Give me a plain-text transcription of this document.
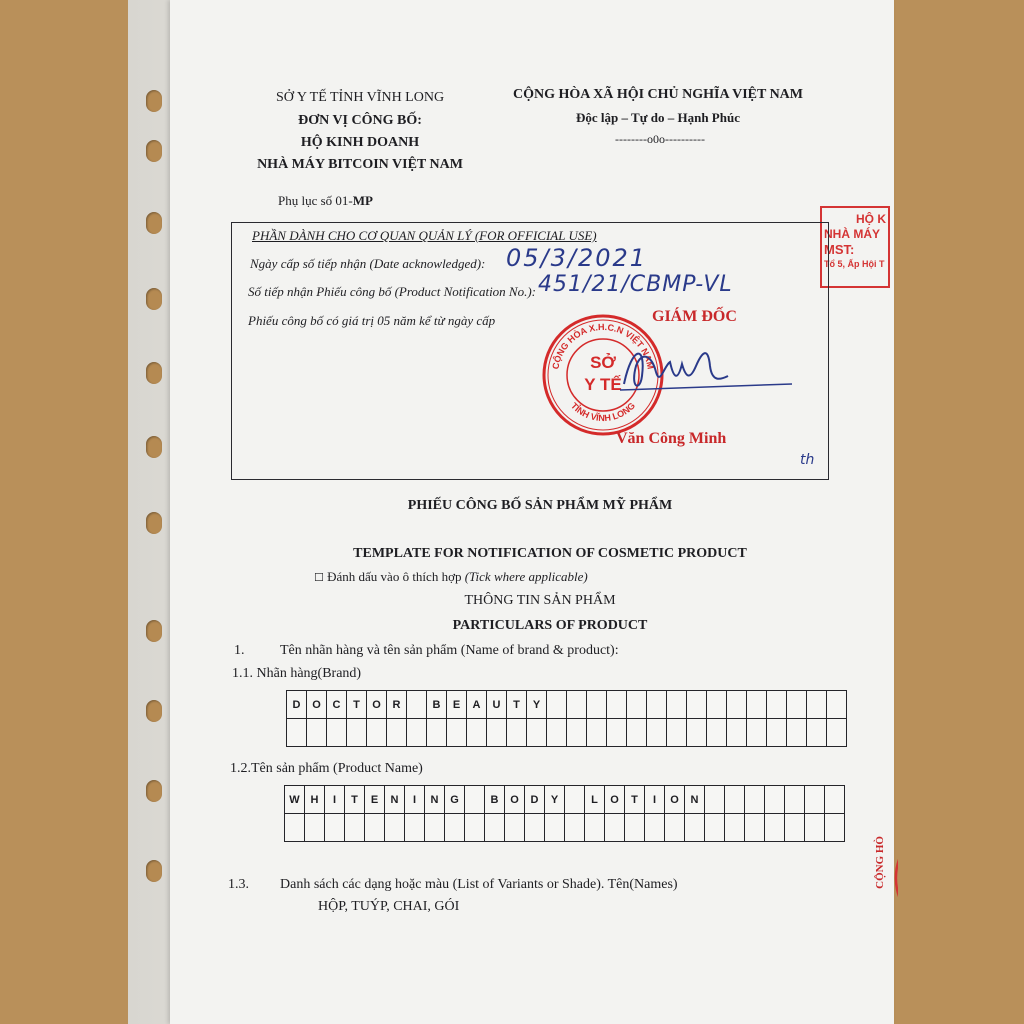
HỘ K
NHÀ MÁY
MST:
Tổ 5, Ấp Hội T
CỘNG HÒ
SỞ Y TẾ TỈNH VĨNH LONG
ĐƠN VỊ CÔNG BỐ:
HỘ KINH DOANH
NHÀ MÁY BITCOIN VIỆT NAM
CỘNG HÒA XÃ HỘI CHỦ NGHĨA VIỆT NAM
Độc lập – Tự do – Hạnh Phúc
--------o0o----------
Phụ lục số 01-MP
PHẦN DÀNH CHO CƠ QUAN QUẢN LÝ (FOR OFFICIAL USE)
Ngày cấp số tiếp nhận (Date acknowledged): 05/3/2021
Số tiếp nhận Phiếu công bố (Product Notification No.): 451/21/CBMP-VL
Phiếu công bố có giá trị 05 năm kể từ ngày cấp	GIÁM ĐỐC
CỘNG HÒA X.H.C.N VIỆT NAM
TỈNH VĨNH LONG
SỞ
Y TẾ
Văn Công Minh
th
PHIẾU CÔNG BỐ SẢN PHẨM MỸ PHẨM
TEMPLATE FOR NOTIFICATION OF COSMETIC PRODUCT
☐ Đánh dấu vào ô thích hợp (Tick where applicable)
THÔNG TIN SẢN PHẨM
PARTICULARS OF PRODUCT
1.	Tên nhãn hàng và tên sản phẩm (Name of brand & product):
1.1. Nhãn hàng(Brand)
D	O	C	T	O	R		B	E	A	U	T	Y															

1.2.Tên sản phẩm (Product Name)
W	H	I	T	E	N	I	N	G		B	O	D	Y		L	O	T	I	O	N							

1.3. Danh sách các dạng hoặc màu (List of Variants or Shade). Tên(Names)
HỘP, TUÝP, CHAI, GÓI
